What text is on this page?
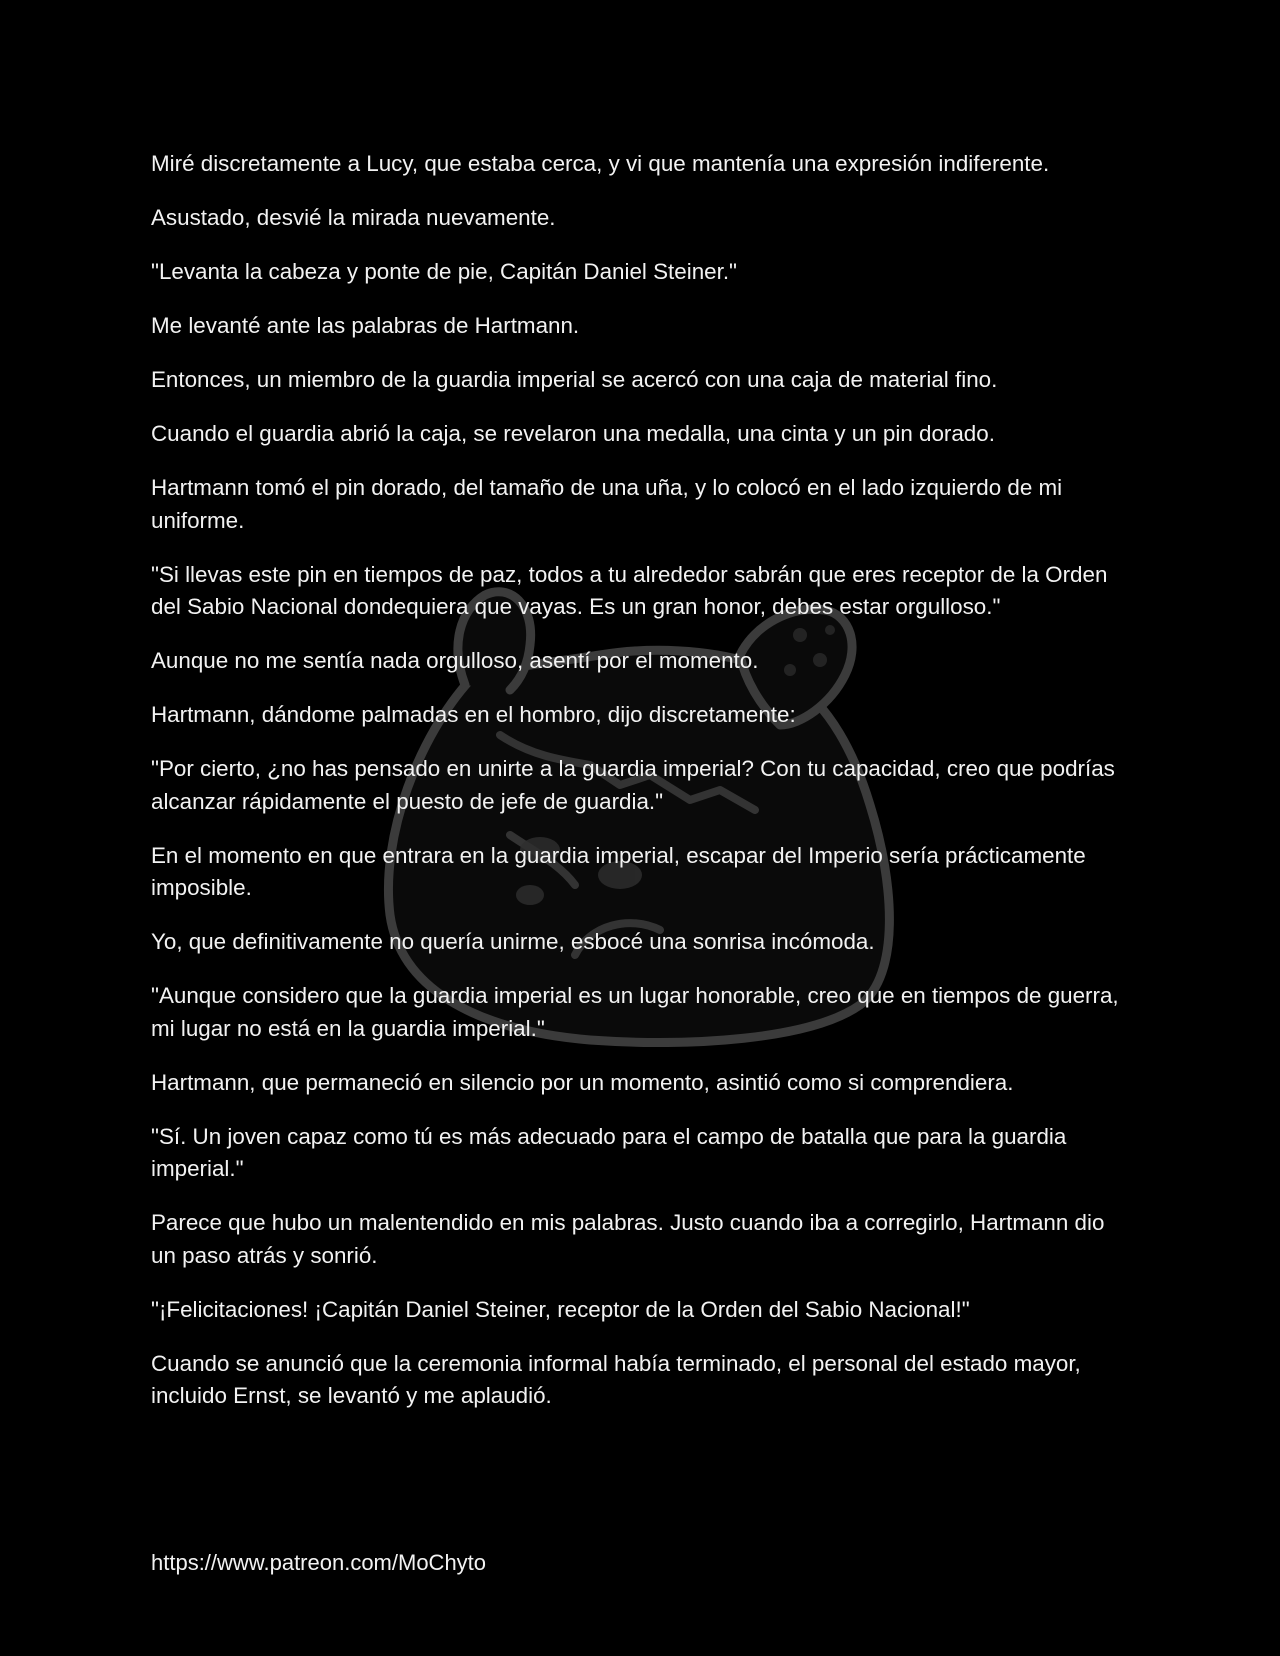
Miré discretamente a Lucy, que estaba cerca, y vi que mantenía una expresión indiferente.

Asustado, desvié la mirada nuevamente.

"Levanta la cabeza y ponte de pie, Capitán Daniel Steiner."

Me levanté ante las palabras de Hartmann.

Entonces, un miembro de la guardia imperial se acercó con una caja de material fino.

Cuando el guardia abrió la caja, se revelaron una medalla, una cinta y un pin dorado.

Hartmann tomó el pin dorado, del tamaño de una uña, y lo colocó en el lado izquierdo de mi uniforme.

"Si llevas este pin en tiempos de paz, todos a tu alrededor sabrán que eres receptor de la Orden del Sabio Nacional dondequiera que vayas. Es un gran honor, debes estar orgulloso."

Aunque no me sentía nada orgulloso, asentí por el momento.

Hartmann, dándome palmadas en el hombro, dijo discretamente:

"Por cierto, ¿no has pensado en unirte a la guardia imperial? Con tu capacidad, creo que podrías alcanzar rápidamente el puesto de jefe de guardia."

En el momento en que entrara en la guardia imperial, escapar del Imperio sería prácticamente imposible.

Yo, que definitivamente no quería unirme, esbocé una sonrisa incómoda.

"Aunque considero que la guardia imperial es un lugar honorable, creo que en tiempos de guerra, mi lugar no está en la guardia imperial."

Hartmann, que permaneció en silencio por un momento, asintió como si comprendiera.

"Sí. Un joven capaz como tú es más adecuado para el campo de batalla que para la guardia imperial."

Parece que hubo un malentendido en mis palabras. Justo cuando iba a corregirlo, Hartmann dio un paso atrás y sonrió.

"¡Felicitaciones! ¡Capitán Daniel Steiner, receptor de la Orden del Sabio Nacional!"

Cuando se anunció que la ceremonia informal había terminado, el personal del estado mayor, incluido Ernst, se levantó y me aplaudió.

https://www.patreon.com/MoChyto
